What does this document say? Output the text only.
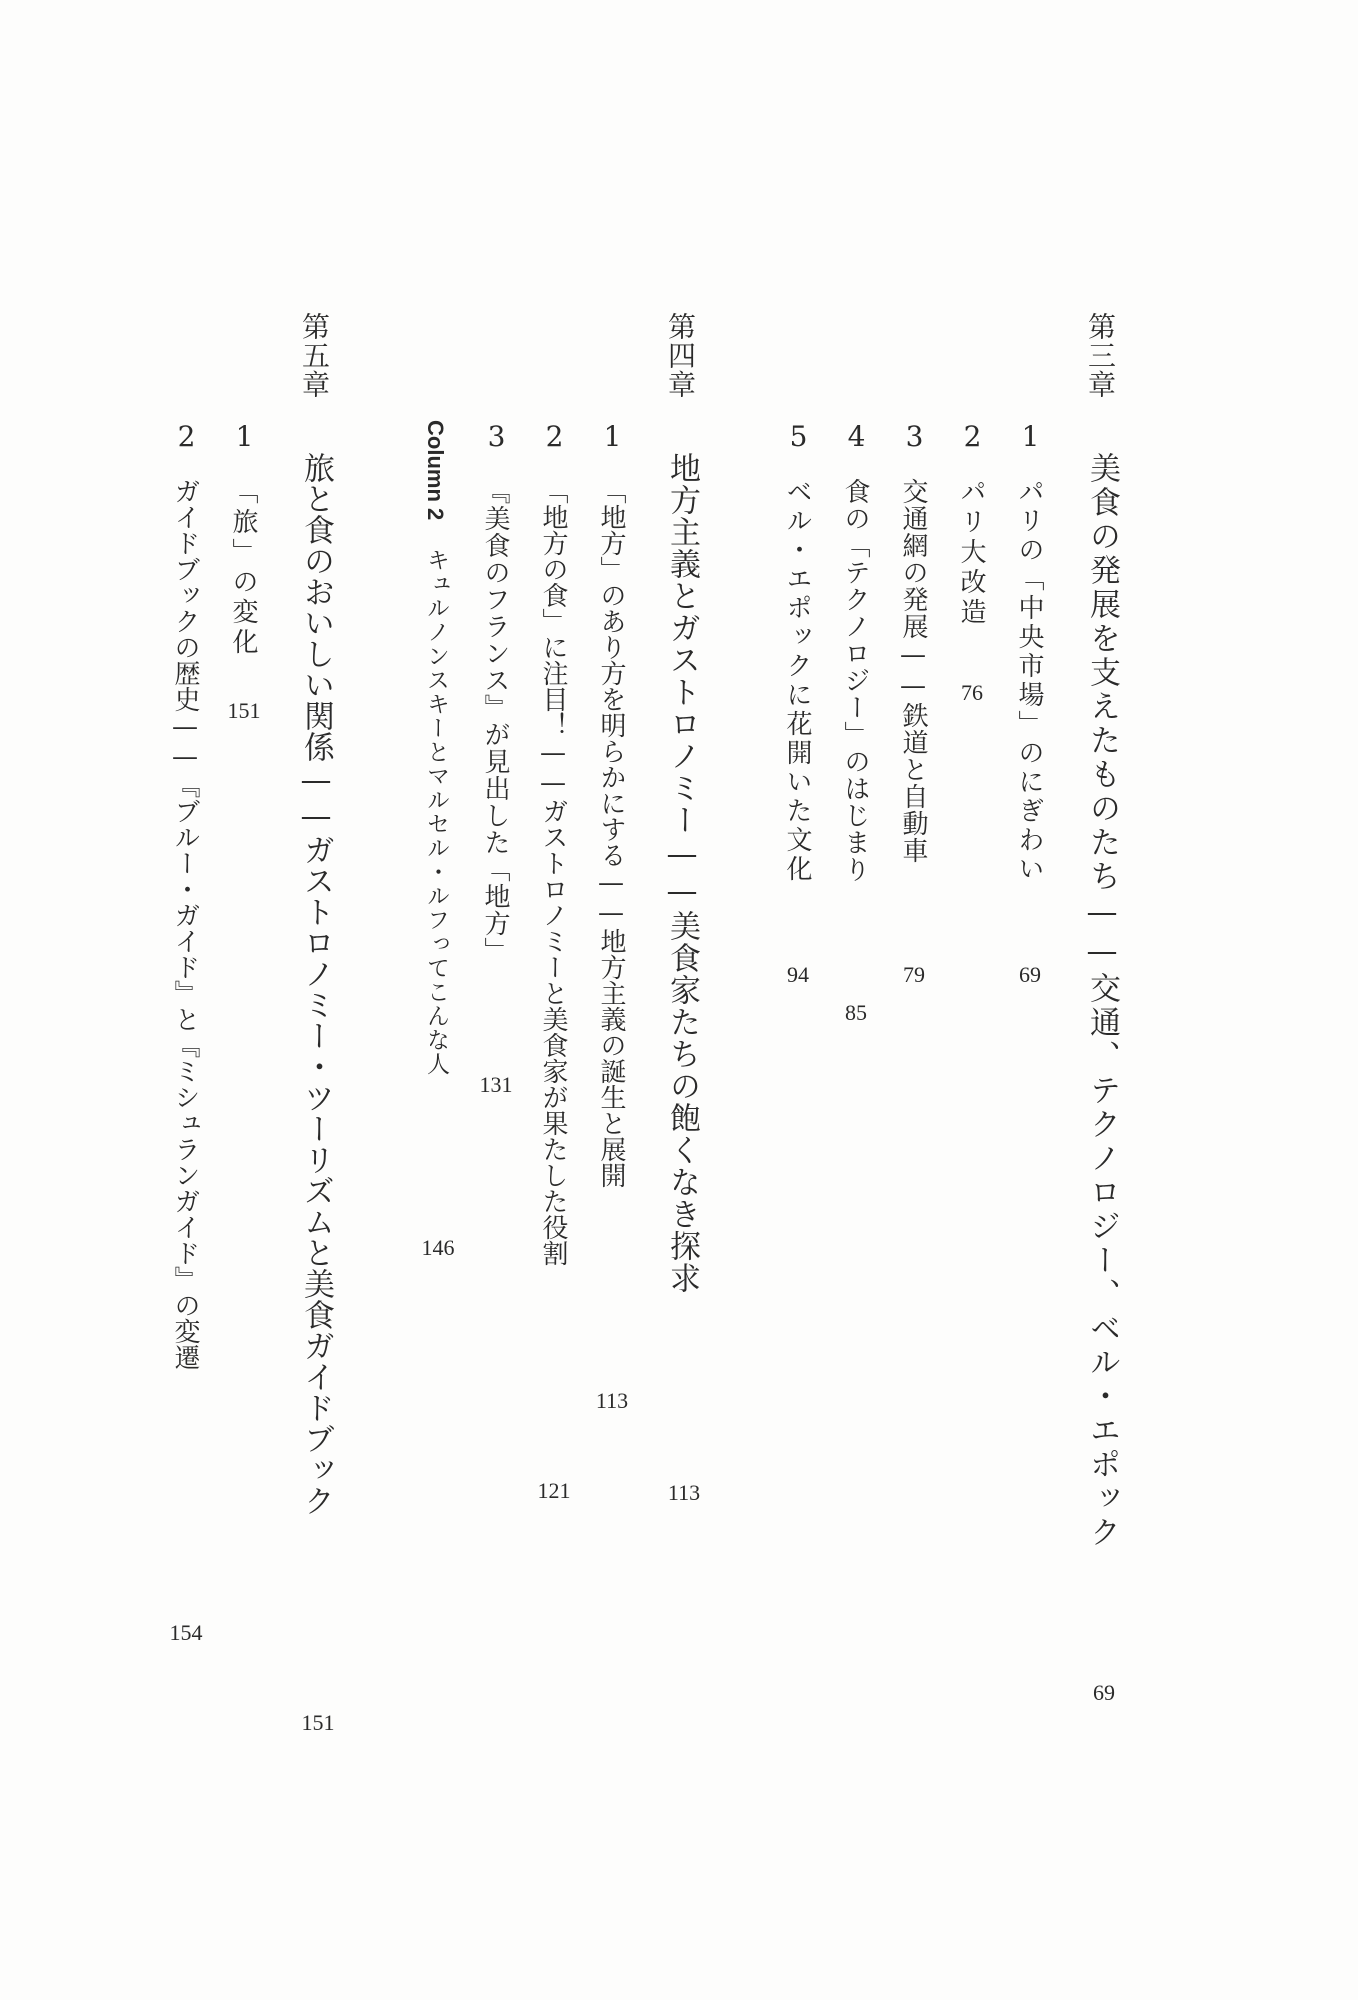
第三章
美食の発展を支えたものたち——交通、テクノロジー、ベル・エポック
69
1
パリの「中央市場」のにぎわい
69
2
パリ大改造
76
3
交通網の発展——鉄道と自動車
79
4
食の「テクノロジー」のはじまり
85
5
ベル・エポックに花開いた文化
94
第四章
地方主義とガストロノミー——美食家たちの飽くなき探求
113
1
「地方」のあり方を明らかにする——地方主義の誕生と展開
113
2
「地方の食」に注目！——ガストロノミーと美食家が果たした役割
121
3
『美食のフランス』が見出した「地方」
131
Column 2
キュルノンスキーとマルセル・ルフってこんな人
146
第五章
旅と食のおいしい関係——ガストロノミー・ツーリズムと美食ガイドブック
151
1
「旅」の変化
151
2
ガイドブックの歴史——『ブルー・ガイド』と『ミシュランガイド』の変遷
154
